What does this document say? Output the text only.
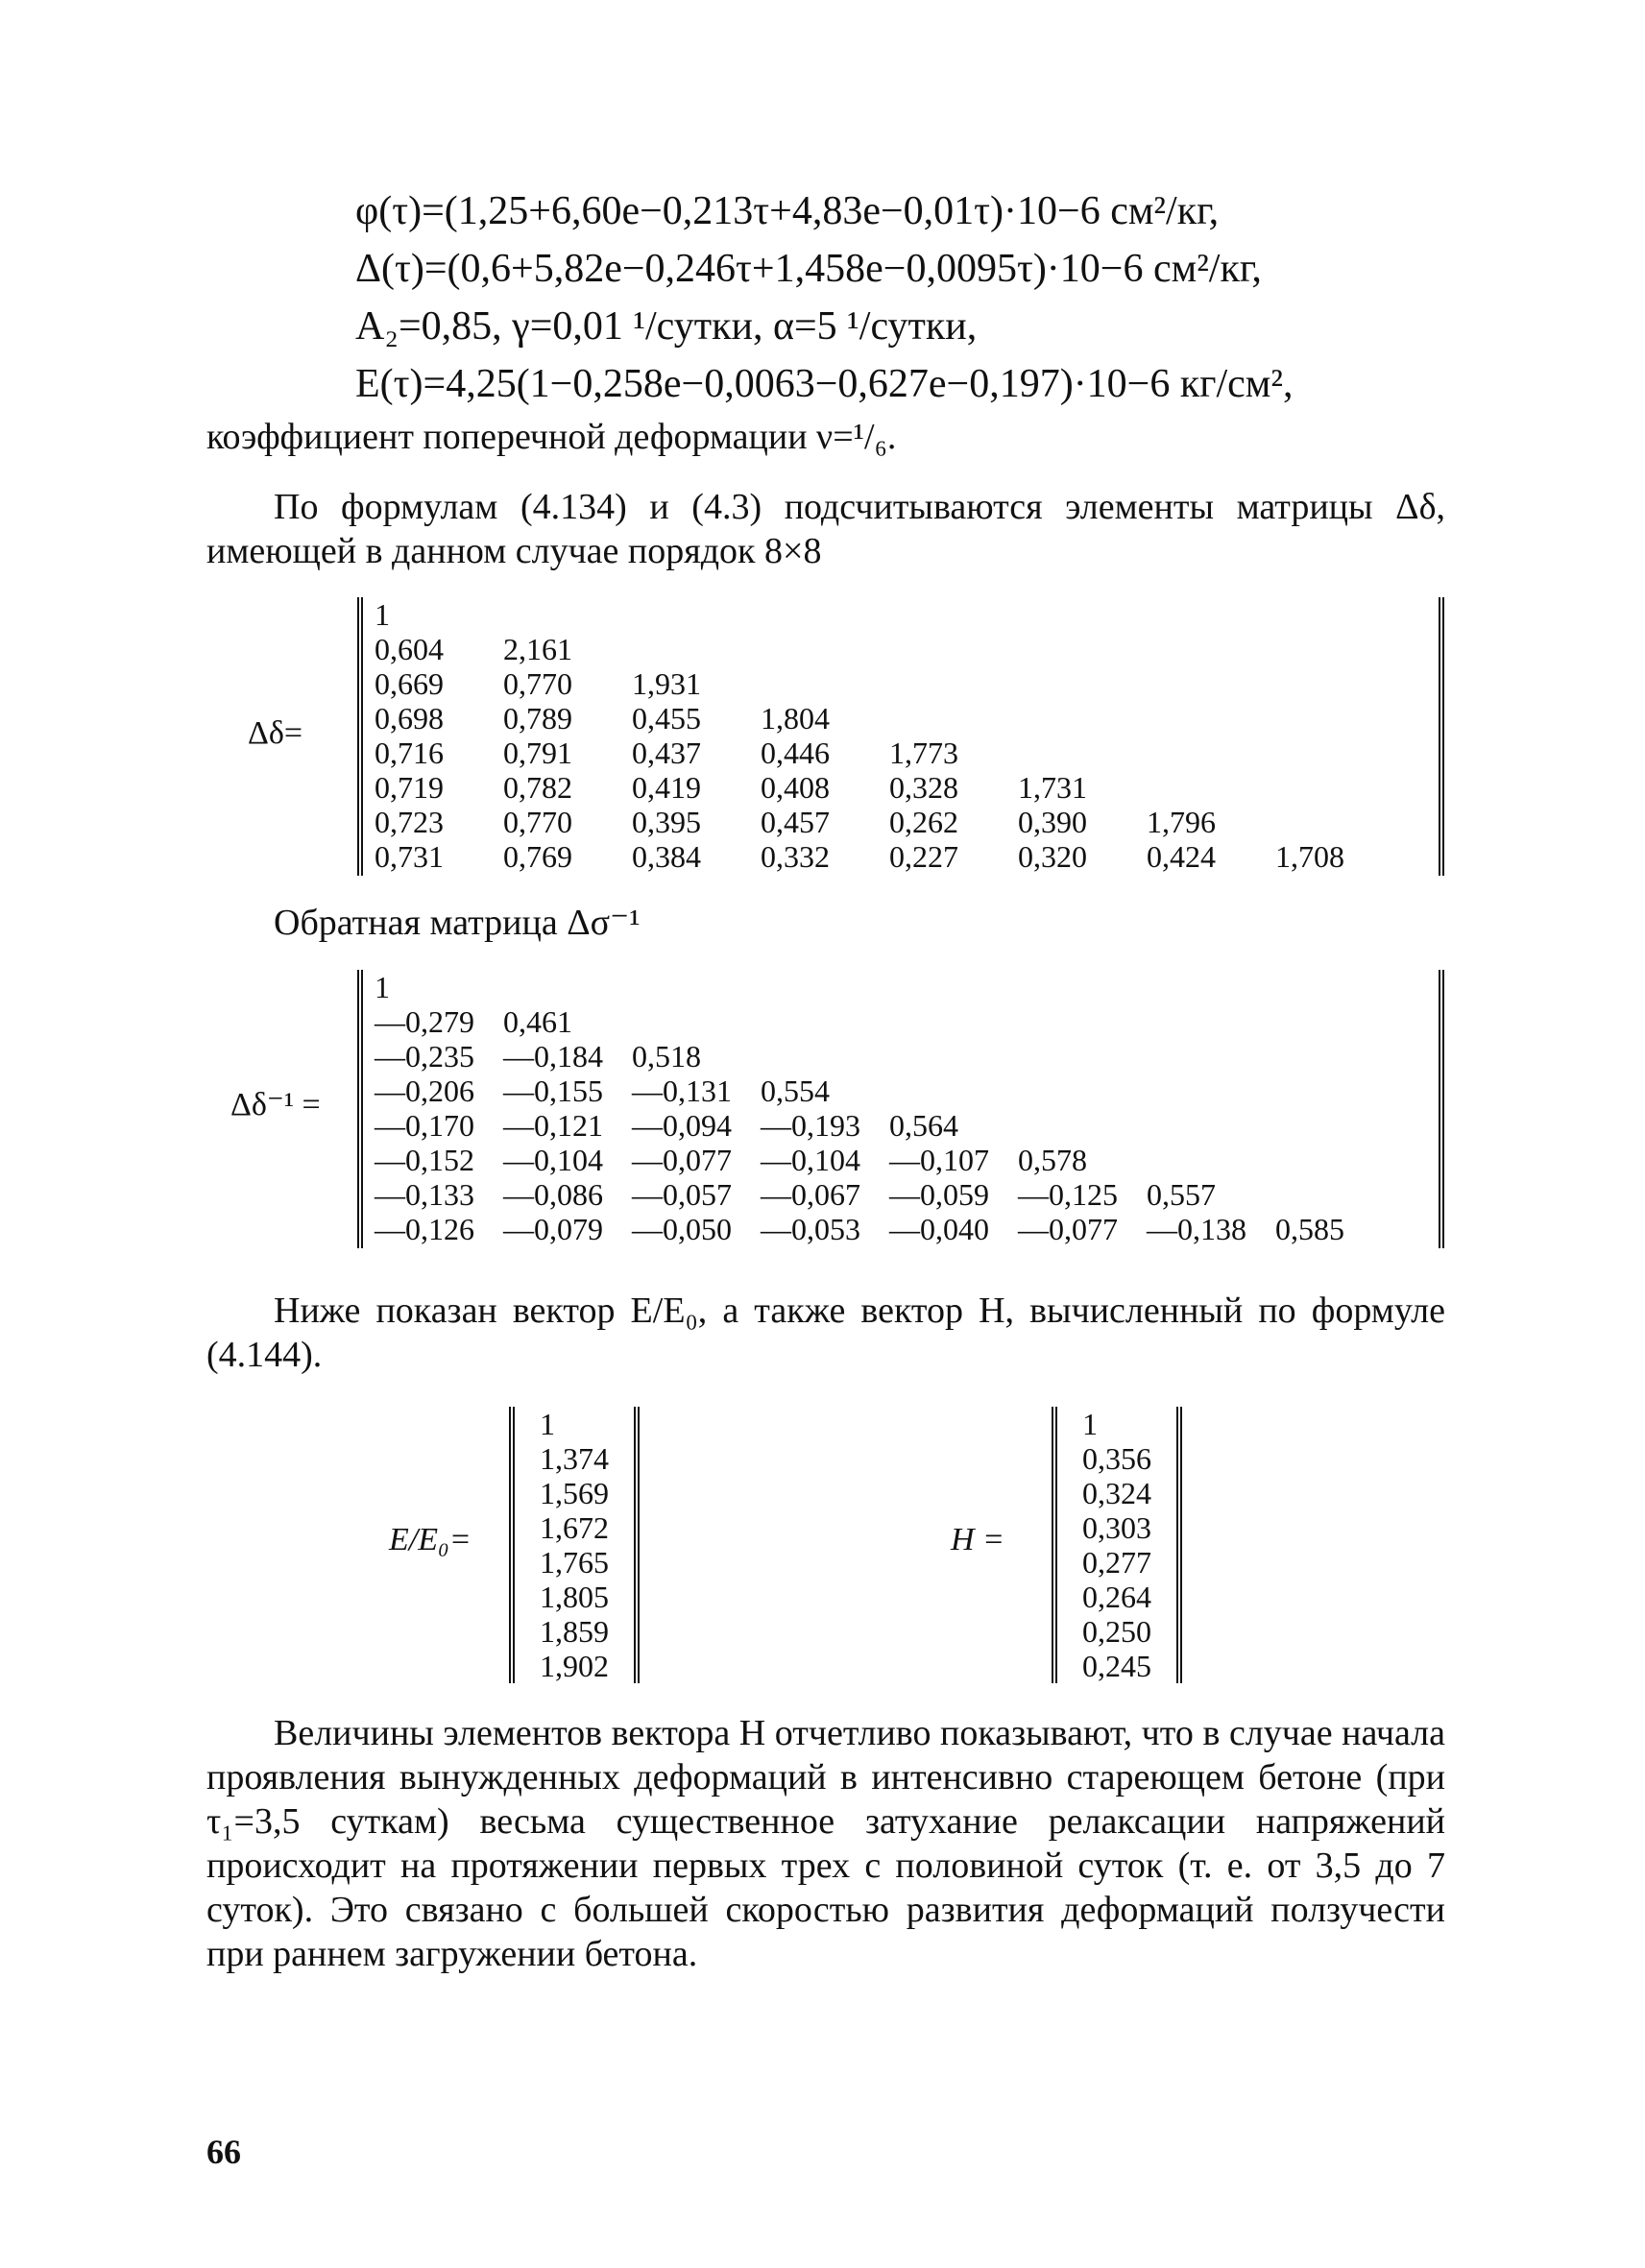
φ(τ)=(1,25+6,60e−0,213τ+4,83e−0,01τ)·10−6 см²/кг,
Δ(τ)=(0,6+5,82e−0,246τ+1,458e−0,0095τ)·10−6 см²/кг,
A₂=0,85, γ=0,01 ¹/сутки, α=5 ¹/сутки,
E(τ)=4,25(1−0,258e−0,0063−0,627e−0,197)·10−6 кг/см²,

коэффициент поперечной деформации ν=¹/₆.

По формулам (4.134) и (4.3) подсчитываются элементы матрицы Δδ, имеющей в данном случае порядок 8×8

Δδ=
1							
0,604	2,161						
0,669	0,770	1,931					
0,698	0,789	0,455	1,804				
0,716	0,791	0,437	0,446	1,773			
0,719	0,782	0,419	0,408	0,328	1,731		
0,723	0,770	0,395	0,457	0,262	0,390	1,796	
0,731	0,769	0,384	0,332	0,227	0,320	0,424	1,708

Обратная матрица Δσ⁻¹

Δδ⁻¹ =
1							
—0,279	0,461						
—0,235	—0,184	0,518					
—0,206	—0,155	—0,131	0,554				
—0,170	—0,121	—0,094	—0,193	0,564			
—0,152	—0,104	—0,077	—0,104	—0,107	0,578		
—0,133	—0,086	—0,057	—0,067	—0,059	—0,125	0,557	
—0,126	—0,079	—0,050	—0,053	—0,040	—0,077	—0,138	0,585

Ниже показан вектор E/E₀, а также вектор H, вычисленный по формуле (4.144).

E/E₀=
1
1,374
1,569
1,672
1,765
1,805
1,859
1,902
H =
1
0,356
0,324
0,303
0,277
0,264
0,250
0,245

Величины элементов вектора H отчетливо показывают, что в случае начала проявления вынужденных деформаций в интенсивно стареющем бетоне (при τ₁=3,5 суткам) весьма существенное затухание релаксации напряжений происходит на протяжении первых трех с половиной суток (т. е. от 3,5 до 7 суток). Это связано с большей скоростью развития деформаций ползучести при раннем загружении бетона.

66
